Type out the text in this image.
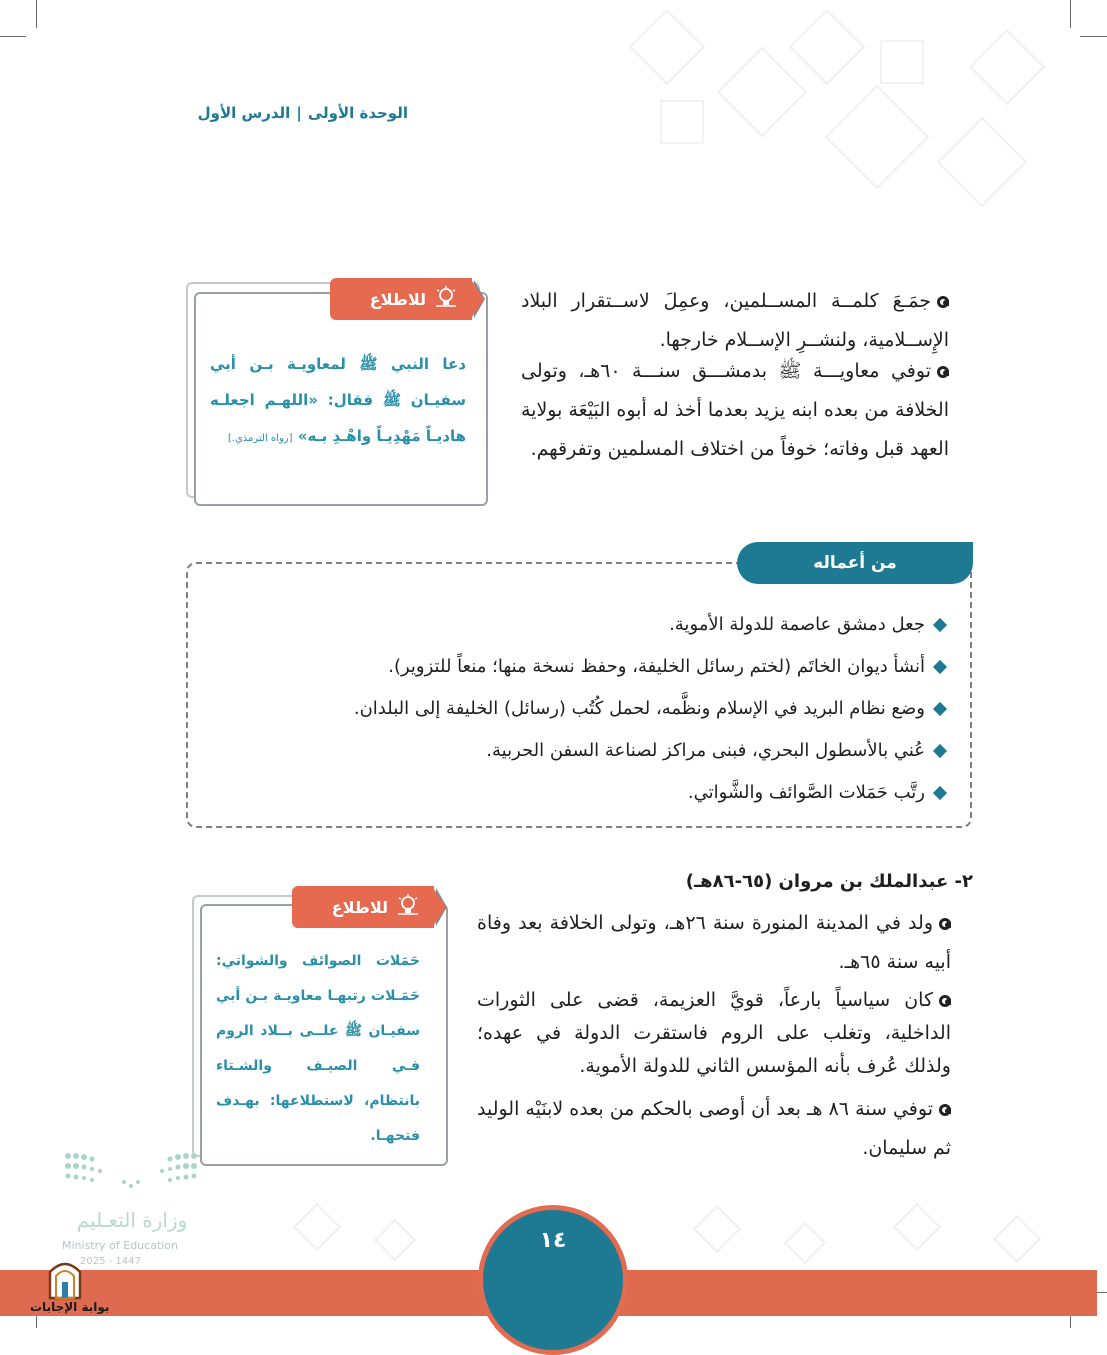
الوحدة الأولى
|
الدرس الأول
للاطلاع
دعا النبي ﷺ لمعاويـة بـن أبي سفيـان ﷺ فقال: «اللهـم اجعلـه هاديـاً مَهْدِيـاً واهْـدِ بـه» [رواه الترمذي.]
جمَـعَ كلمــة المســلمين، وعمِلَ لاســتقرار البلاد الإِســلامية، ولنشــرِ الإســلام خارجها.
توفي معاويـــة ﷺ بدمشـــق سنـــة ٦٠هـ، وتولى الخلافة من بعده ابنه يزيد بعدما أخذ له أبوه البَيْعَة بولاية العهد قبل وفاته؛ خوفاً من اختلاف المسلمين وتفرقهم.
من أعماله
جعل دمشق عاصمة للدولة الأموية.
أنشأ ديوان الخاتَم (لختم رسائل الخليفة، وحفظ نسخة منها؛ منعاً للتزوير).
وضع نظام البريد في الإسلام ونظَّمه، لحمل كُتُب (رسائل) الخليفة إلى البلدان.
عُني بالأسطول البحري، فبنى مراكز لصناعة السفن الحربية.
رتَّب حَمَلات الصَّوائف والشَّواتي.
٢- عبدالملك بن مروان (٦٥-٨٦هـ)
ولد في المدينة المنورة سنة ٢٦هـ، وتولى الخلافة بعد وفاة أبيه سنة ٦٥هـ.
كان سياسياً بارعاً، قويَّ العزيمة، قضى على الثورات الداخلية، وتغلب على الروم فاستقرت الدولة في عهده؛ ولذلك عُرف بأنه المؤسس الثاني للدولة الأموية.
توفي سنة ٨٦ هـ بعد أن أوصى بالحكم من بعده لابنَيْه الوليد ثم سليمان.
للاطلاع
حَمَلات الصوائف والشواتي: حَمَـلات رتبهـا معاويـة بـن أبي سفيـان ﷺ علــى بــلاد الروم فـي الصيـف والشـتاء بانتظام، لاستطلاعها: بهـدف فتحهـا.
وزارة التعـليم
Ministry of Education
2025 - 1447
١٤
بوابة الإجابات
